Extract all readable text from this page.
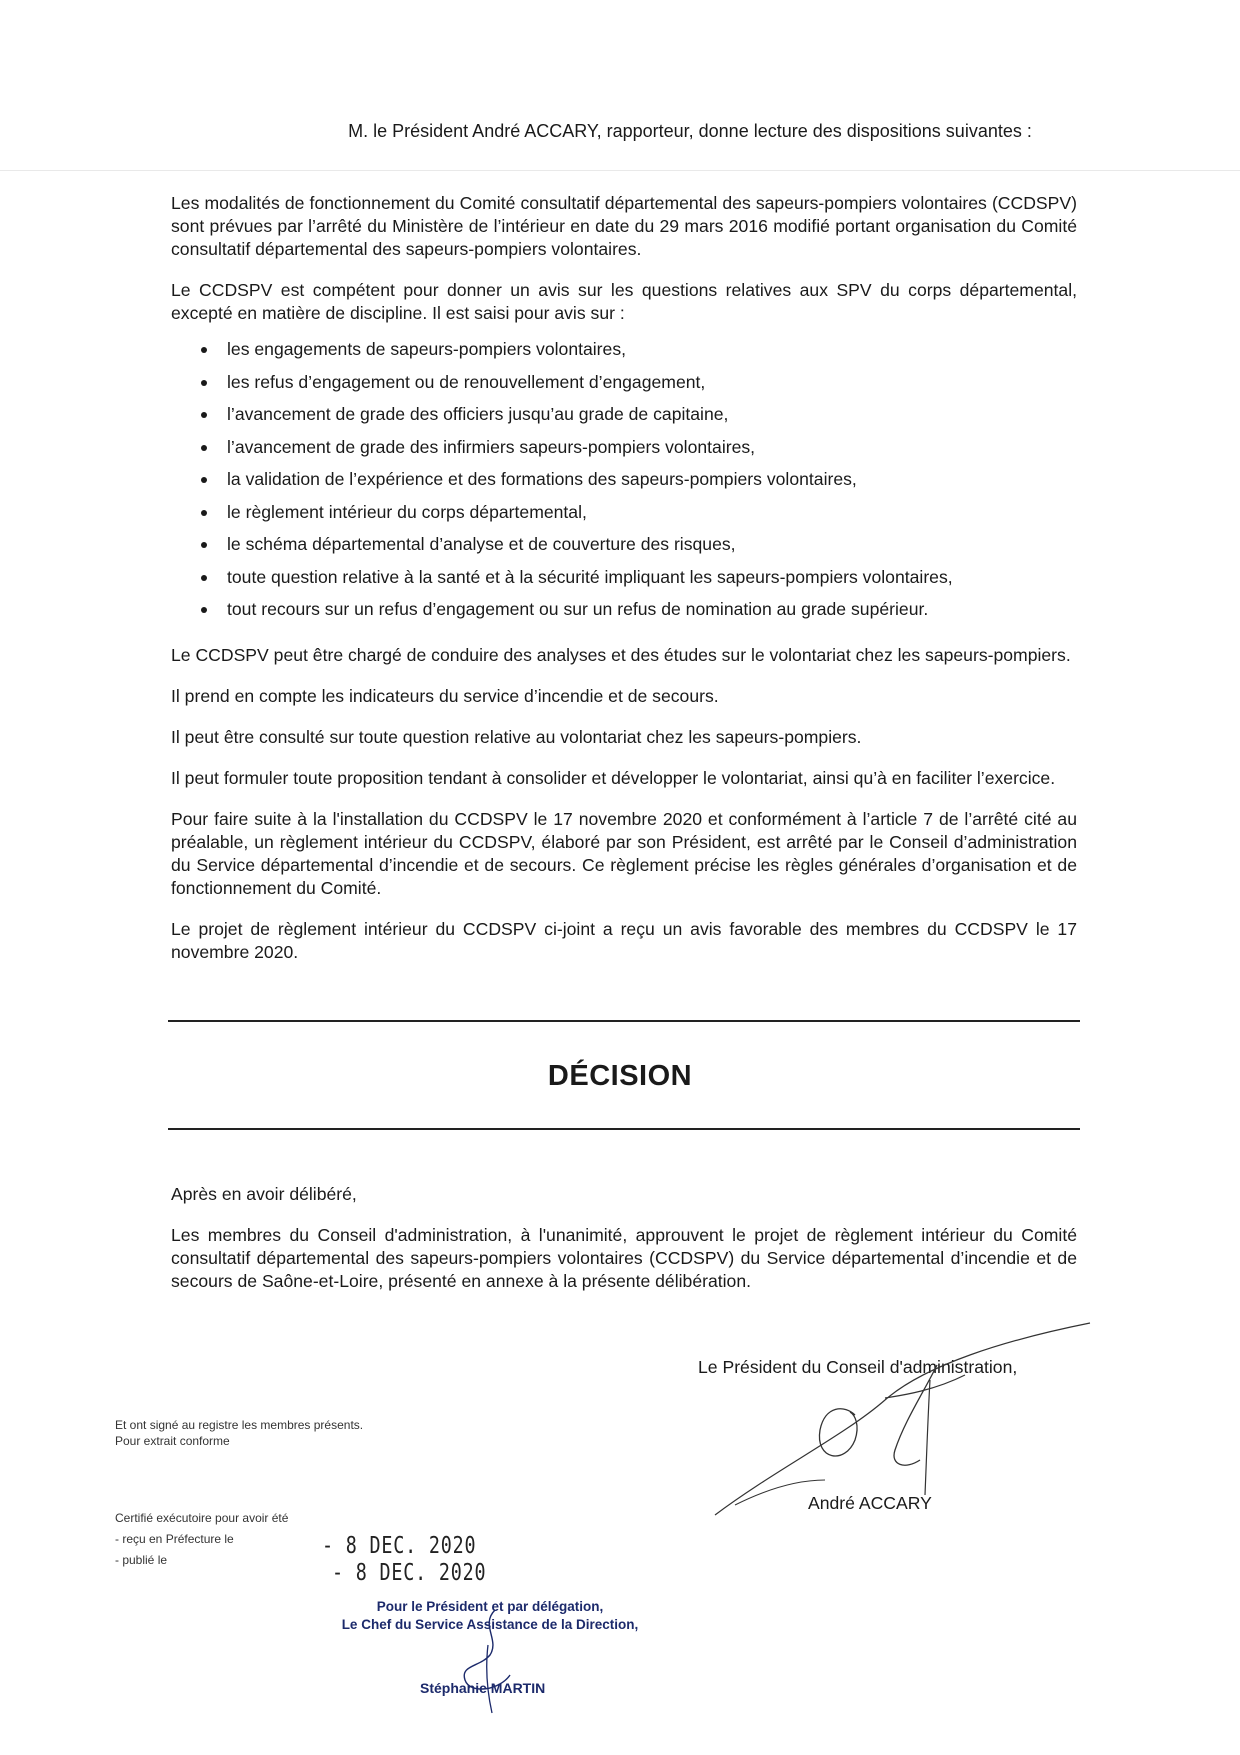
M. le Président André ACCARY, rapporteur, donne lecture des dispositions suivantes :

Les modalités de fonctionnement du Comité consultatif départemental des sapeurs-pompiers volontaires (CCDSPV) sont prévues par l’arrêté du Ministère de l’intérieur en date du 29 mars 2016 modifié portant organisation du Comité consultatif départemental des sapeurs-pompiers volontaires.

Le CCDSPV est compétent pour donner un avis sur les questions relatives aux SPV du corps départemental, excepté en matière de discipline. Il est saisi pour avis sur :

les engagements de sapeurs-pompiers volontaires,
les refus d’engagement ou de renouvellement d’engagement,
l’avancement de grade des officiers jusqu’au grade de capitaine,
l’avancement de grade des infirmiers sapeurs-pompiers volontaires,
la validation de l’expérience et des formations des sapeurs-pompiers volontaires,
le règlement intérieur du corps départemental,
le schéma départemental d’analyse et de couverture des risques,
toute question relative à la santé et à la sécurité impliquant les sapeurs-pompiers volontaires,
tout recours sur un refus d’engagement ou sur un refus de nomination au grade supérieur.

Le CCDSPV peut être chargé de conduire des analyses et des études sur le volontariat chez les sapeurs-pompiers.

Il prend en compte les indicateurs du service d’incendie et de secours.

Il peut être consulté sur toute question relative au volontariat chez les sapeurs-pompiers.

Il peut formuler toute proposition tendant à consolider et développer le volontariat, ainsi qu’à en faciliter l’exercice.

Pour faire suite à la l'installation du CCDSPV le 17 novembre 2020 et conformément à l’article 7 de l’arrêté cité au préalable, un règlement intérieur du CCDSPV, élaboré par son Président, est arrêté par le Conseil d’administration du Service départemental d’incendie et de secours. Ce règlement précise les règles générales d’organisation et de fonctionnement du Comité.

Le projet de règlement intérieur du CCDSPV ci-joint a reçu un avis favorable des membres du CCDSPV le 17 novembre 2020.

DÉCISION

Après en avoir délibéré,

Les membres du Conseil d'administration, à l'unanimité, approuvent le projet de règlement intérieur du Comité consultatif départemental des sapeurs-pompiers volontaires (CCDSPV) du Service départemental d’incendie et de secours de Saône-et-Loire, présenté en annexe à la présente délibération.

Le Président du Conseil d'administration,
André ACCARY
Et ont signé au registre les membres présents.
Pour extrait conforme
Certifié exécutoire pour avoir été
- reçu en Préfecture le
- publié le
- 8 DEC. 2020
- 8 DEC. 2020
Pour le Président et par délégation,
Le Chef du Service Assistance de la Direction,
Stéphanie MARTIN
